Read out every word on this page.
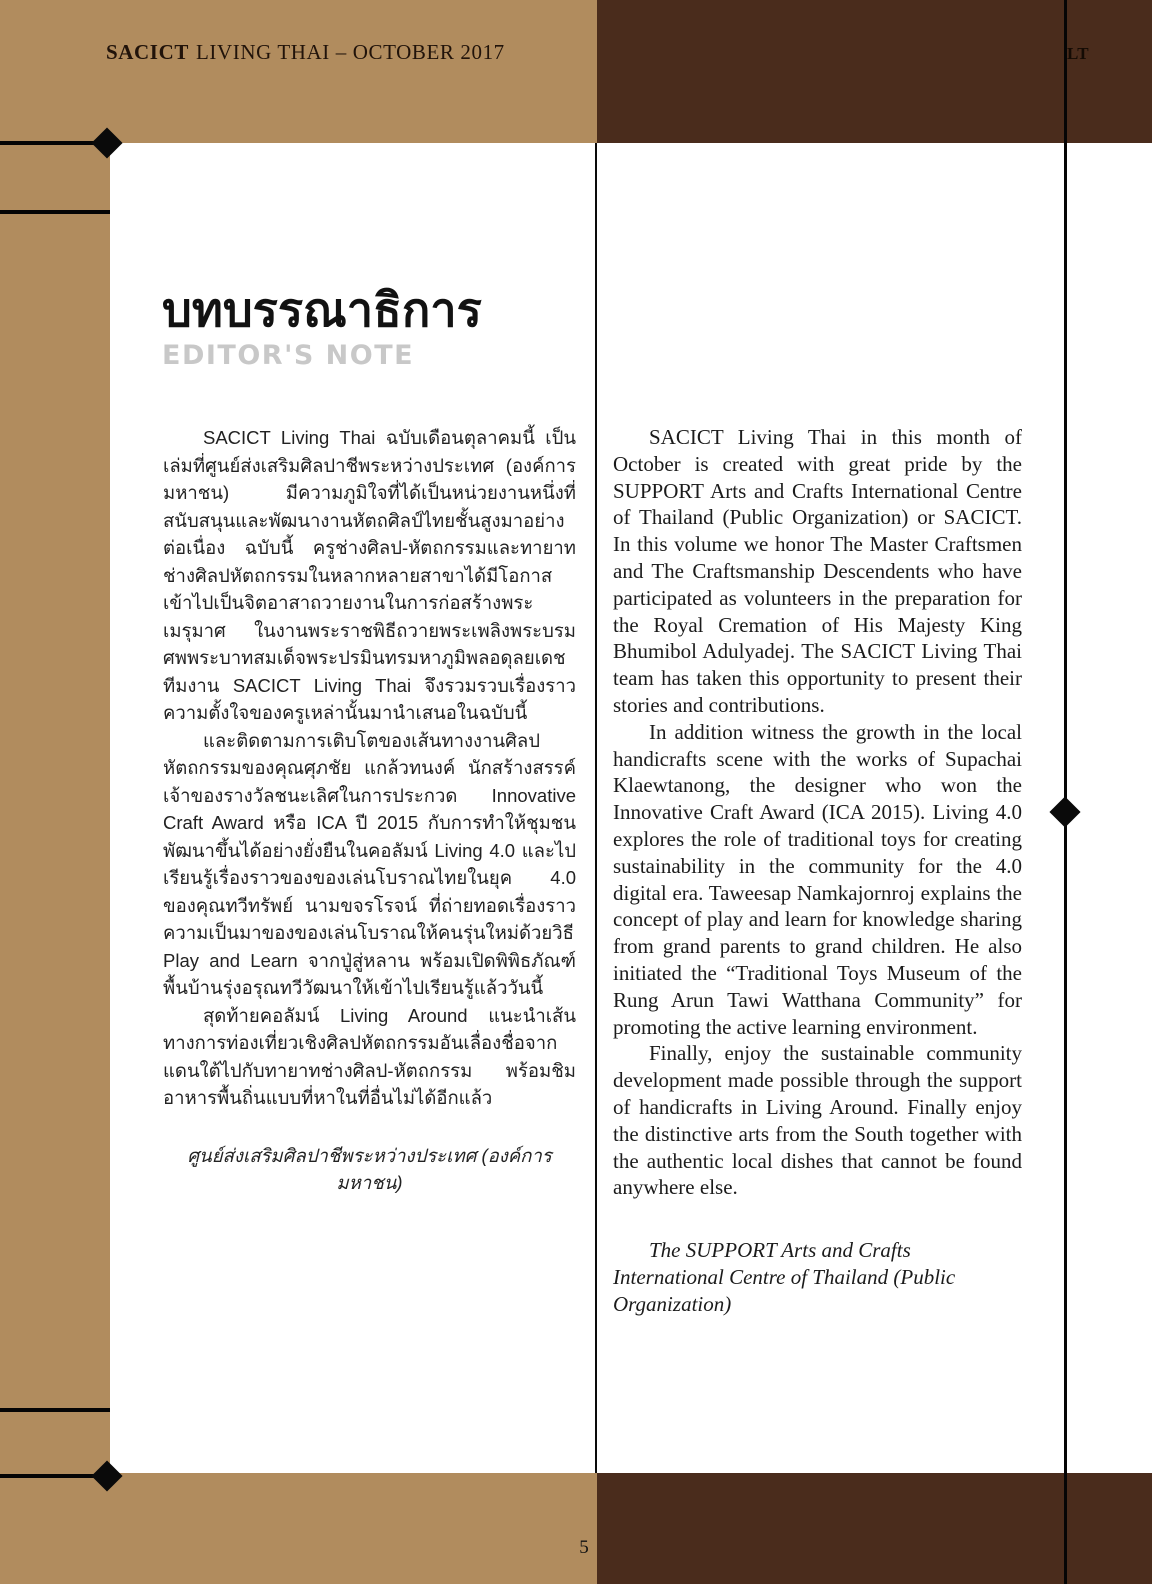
SACICT LIVING THAI – OCTOBER 2017	LT
บทบรรณาธิการ
EDITOR'S NOTE

SACICT Living Thai ฉบับเดือนตุลาคมนี้ เป็นเล่มที่ศูนย์ส่งเสริมศิลปาชีพระหว่างประเทศ (องค์การมหาชน) มีความภูมิใจที่ได้เป็นหน่วยงานหนึ่งที่สนับสนุนและพัฒนางานหัตถศิลป์ไทยชั้นสูงมาอย่างต่อเนื่อง ฉบับนี้ ครูช่างศิลป-หัตถกรรมและทายาทช่างศิลปหัตถกรรมในหลากหลายสาขาได้มีโอกาสเข้าไปเป็นจิตอาสาถวายงานในการก่อสร้างพระเมรุมาศ ในงานพระราชพิธีถวายพระเพลิงพระบรมศพพระบาทสมเด็จพระปรมินทรมหาภูมิพลอดุลยเดช ทีมงาน SACICT Living Thai จึงรวมรวบเรื่องราวความตั้งใจของครูเหล่านั้นมานำเสนอในฉบับนี้

และติดตามการเติบโตของเส้นทางงานศิลปหัตถกรรมของคุณศุภชัย แกล้วทนงค์ นักสร้างสรรค์เจ้าของรางวัลชนะเลิศในการประกวด Innovative Craft Award หรือ ICA ปี 2015 กับการทำให้ชุมชนพัฒนาขึ้นได้อย่างยั่งยืนในคอลัมน์ Living 4.0 และไปเรียนรู้เรื่องราวของของเล่นโบราณไทยในยุค 4.0 ของคุณทวีทรัพย์ นามขจรโรจน์ ที่ถ่ายทอดเรื่องราวความเป็นมาของของเล่นโบราณให้คนรุ่นใหม่ด้วยวิธี Play and Learn จากปู่สู่หลาน พร้อมเปิดพิพิธภัณฑ์พื้นบ้านรุ่งอรุณทวีวัฒนาให้เข้าไปเรียนรู้แล้ววันนี้

สุดท้ายคอลัมน์ Living Around แนะนำเส้นทางการท่องเที่ยวเชิงศิลปหัตถกรรมอันเลื่องชื่อจากแดนใต้ไปกับทายาทช่างศิลป-หัตถกรรม พร้อมชิมอาหารพื้นถิ่นแบบที่หาในที่อื่นไม่ได้อีกแล้ว

ศูนย์ส่งเสริมศิลปาชีพระหว่างประเทศ (องค์การมหาชน)

SACICT Living Thai in this month of October is created with great pride by the SUPPORT Arts and Crafts International Centre of Thailand (Public Organization) or SACICT. In this volume we honor The Master Craftsmen and The Craftsmanship Descendents who have participated as volunteers in the preparation for the Royal Cremation of His Majesty King Bhumibol Adulyadej. The SACICT Living Thai team has taken this opportunity to present their stories and contributions.

In addition witness the growth in the local handicrafts scene with the works of Supachai Klaewtanong, the designer who won the Innovative Craft Award (ICA 2015). Living 4.0 explores the role of traditional toys for creating sustainability in the community for the 4.0 digital era. Taweesap Namkajornroj explains the concept of play and learn for knowledge sharing from grand parents to grand children. He also initiated the “Traditional Toys Museum of the Rung Arun Tawi Watthana Community” for promoting the active learning environment.

Finally, enjoy the sustainable community development made possible through the support of handicrafts in Living Around. Finally enjoy the distinctive arts from the South together with the authentic local dishes that cannot be found anywhere else.

The SUPPORT Arts and Crafts International Centre of Thailand (Public Organization)

5
